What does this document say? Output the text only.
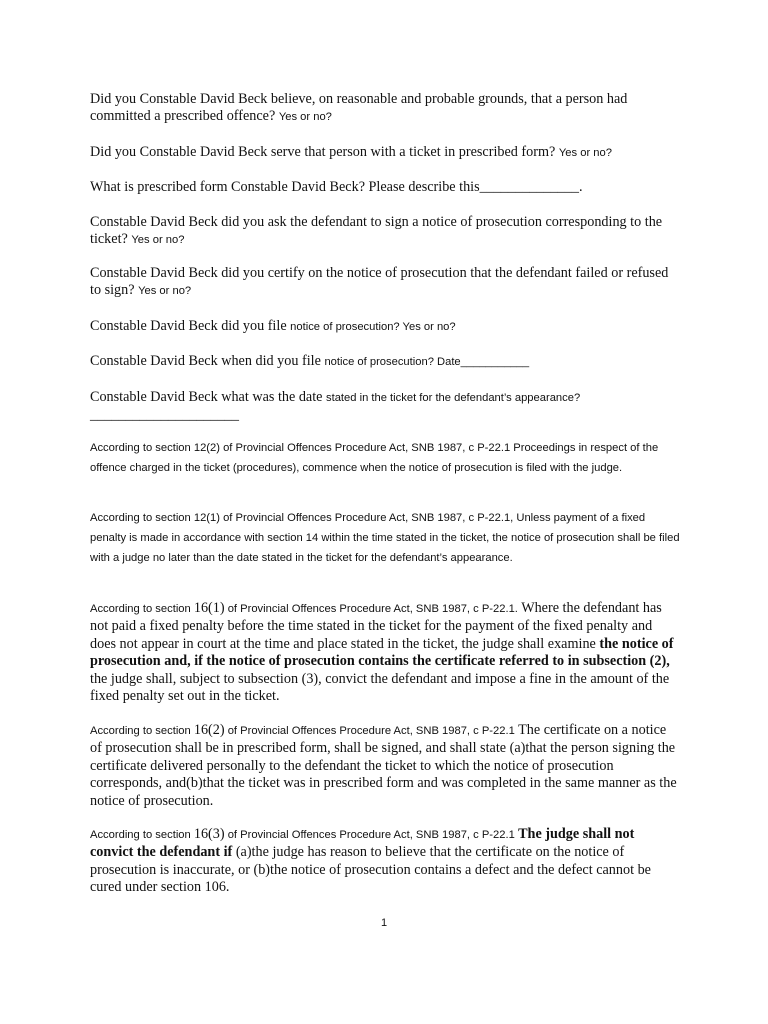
Did you Constable David Beck believe, on reasonable and probable grounds, that a person had committed a prescribed offence? Yes or no?

Did you Constable David Beck serve that person with a ticket in prescribed form? Yes or no?

What is prescribed form Constable David Beck? Please describe this______________.

Constable David Beck did you ask the defendant to sign a notice of prosecution corresponding to the ticket? Yes or no?

Constable David Beck did you certify on the notice of prosecution that the defendant failed or refused to sign? Yes or no?

Constable David Beck did you file notice of prosecution? Yes or no?

Constable David Beck when did you file notice of prosecution? Date___________

Constable David Beck what was the date stated in the ticket for the defendant’s appearance?
_____________________

According to section 12(2) of Provincial Offences Procedure Act, SNB 1987, c P-22.1 Proceedings in respect of the offence charged in the ticket (procedures), commence when the notice of prosecution is filed with the judge.

According to section 12(1) of Provincial Offences Procedure Act, SNB 1987, c P-22.1, Unless payment of a fixed penalty is made in accordance with section 14 within the time stated in the ticket, the notice of prosecution shall be filed with a judge no later than the date stated in the ticket for the defendant’s appearance.

According to section 16(1) of Provincial Offences Procedure Act, SNB 1987, c P-22.1. Where the defendant has not paid a fixed penalty before the time stated in the ticket for the payment of the fixed penalty and does not appear in court at the time and place stated in the ticket, the judge shall examine the notice of prosecution and, if the notice of prosecution contains the certificate referred to in subsection (2), the judge shall, subject to subsection (3), convict the defendant and impose a fine in the amount of the fixed penalty set out in the ticket.

According to section 16(2) of Provincial Offences Procedure Act, SNB 1987, c P-22.1 The certificate on a notice of prosecution shall be in prescribed form, shall be signed, and shall state (a)that the person signing the certificate delivered personally to the defendant the ticket to which the notice of prosecution corresponds, and(b)that the ticket was in prescribed form and was completed in the same manner as the notice of prosecution.

According to section 16(3) of Provincial Offences Procedure Act, SNB 1987, c P-22.1 The judge shall not convict the defendant if (a)the judge has reason to believe that the certificate on the notice of prosecution is inaccurate, or (b)the notice of prosecution contains a defect and the defect cannot be cured under section 106.

1
